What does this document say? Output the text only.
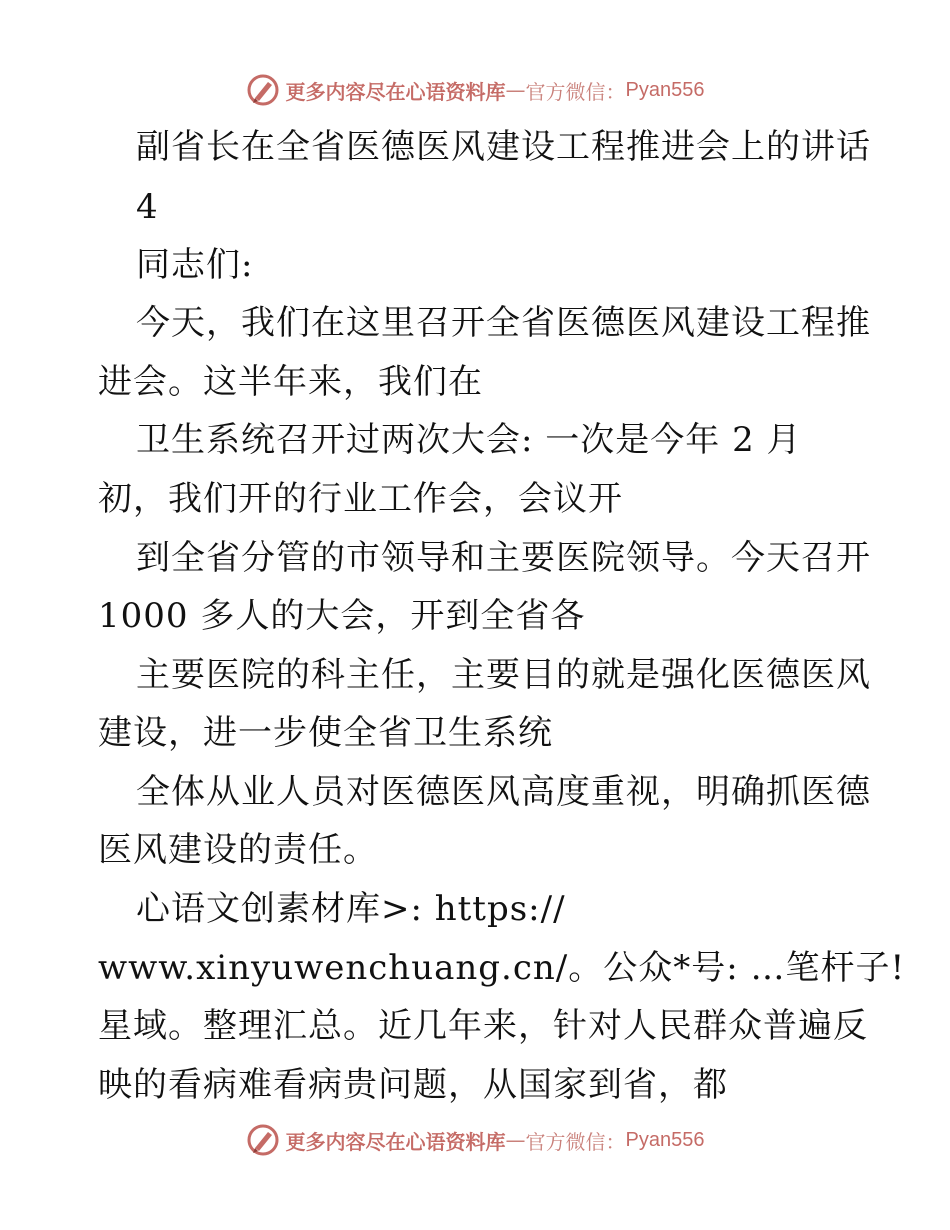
更多内容尽在心语资料库 — 官方微信： Pyan556
副省长在全省医德医风建设工程推进会上的讲话
4
同志们:
今天，我们在这里召开全省医德医风建设工程推
进会。这半年来，我们在
卫生系统召开过两次大会: 一次是今年 2 月
初，我们开的行业工作会，会议开
到全省分管的市领导和主要医院领导。今天召开
1000 多人的大会，开到全省各
主要医院的科主任，主要目的就是强化医德医风
建设，进一步使全省卫生系统
全体从业人员对医德医风高度重视，明确抓医德
医风建设的责任。
心语文创素材库>: https://
www.xinyuwenchuang.cn/。公众*号: …笔杆子!
星域。整理汇总。近几年来，针对人民群众普遍反
映的看病难看病贵问题，从国家到省，都
更多内容尽在心语资料库 — 官方微信： Pyan556
